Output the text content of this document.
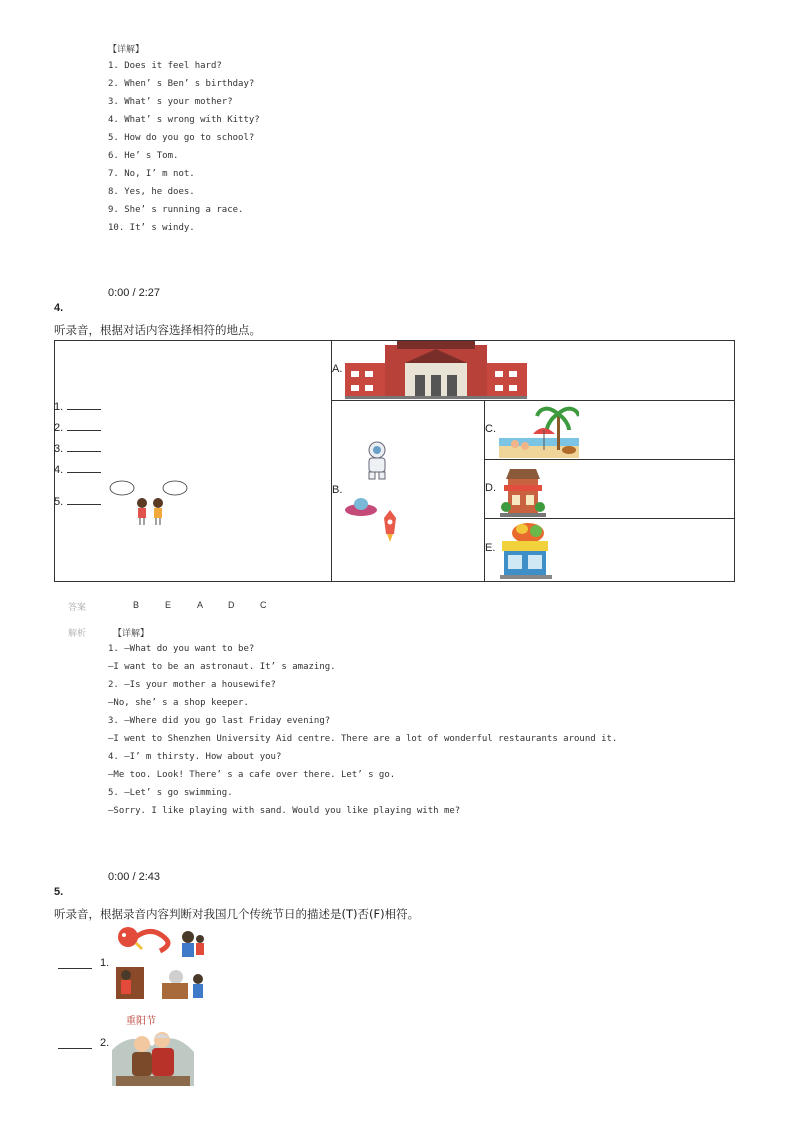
【详解】
1. Does it feel hard?
2. When’ s Ben’ s birthday?
3. What’ s your mother?
4. What’ s wrong with Kitty?
5. How do you go to school?
6. He’ s Tom.
7. No, I’ m not.
8. Yes, he does.
9. She’ s running a race.
10. It’ s windy.
0:00 / 2:27
4.
听录音，根据对话内容选择相符的地点。
1.
2.
3.
4.
5.
A.
B.
C.
D.
E.
答案	B	E	A	D	C
解析	【详解】
1. —What do you want to be?
—I want to be an astronaut. It’ s amazing.
2. —Is your mother a housewife?
—No, she’ s a shop keeper.
3. —Where did you go last Friday evening?
—I went to Shenzhen University Aid centre. There are a lot of wonderful restaurants around it.
4. —I’ m thirsty. How about you?
—Me too. Look! There’ s a cafe over there. Let’ s go.
5. —Let’ s go swimming.
—Sorry. I like playing with sand. Would you like playing with me?
0:00 / 2:43
5.
听录音，根据录音内容判断对我国几个传统节日的描述是(T)否(F)相符。
1.
2.
重阳节
